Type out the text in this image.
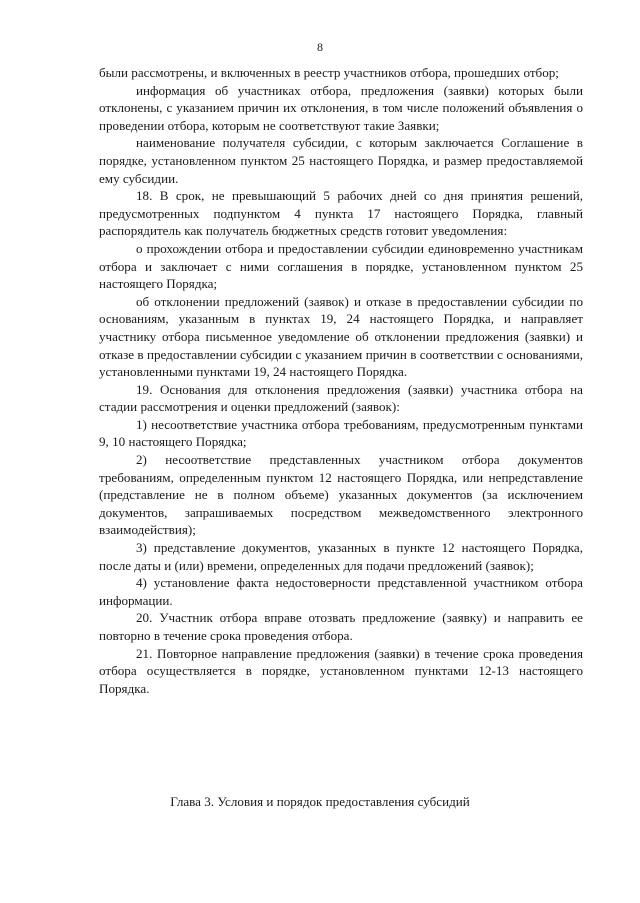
8

были рассмотрены, и включенных в реестр участников отбора, прошедших отбор;

информация об участниках отбора, предложения (заявки) которых были отклонены, с указанием причин их отклонения, в том числе положений объявления о проведении отбора, которым не соответствуют такие Заявки;

наименование получателя субсидии, с которым заключается Соглашение в порядке, установленном пунктом 25 настоящего Порядка, и размер предоставляемой ему субсидии.

18. В срок, не превышающий 5 рабочих дней со дня принятия решений, предусмотренных подпунктом 4 пункта 17 настоящего Порядка, главный распорядитель как получатель бюджетных средств готовит уведомления:

о прохождении отбора и предоставлении субсидии единовременно участникам отбора и заключает с ними соглашения в порядке, установленном пунктом 25 настоящего Порядка;

об отклонении предложений (заявок) и отказе в предоставлении субсидии по основаниям, указанным в пунктах 19, 24 настоящего Порядка, и направляет участнику отбора письменное уведомление об отклонении предложения (заявки) и отказе в предоставлении субсидии с указанием причин в соответствии с основаниями, установленными пунктами 19, 24 настоящего Порядка.

19. Основания для отклонения предложения (заявки) участника отбора на стадии рассмотрения и оценки предложений (заявок):

1) несоответствие участника отбора требованиям, предусмотренным пунктами 9, 10 настоящего Порядка;

2) несоответствие представленных участником отбора документов требованиям, определенным пунктом 12 настоящего Порядка, или непредставление (представление не в полном объеме) указанных документов (за исключением документов, запрашиваемых посредством межведомственного электронного взаимодействия);

3) представление документов, указанных в пункте 12 настоящего Порядка, после даты и (или) времени, определенных для подачи предложений (заявок);

4) установление факта недостоверности представленной участником отбора информации.

20. Участник отбора вправе отозвать предложение (заявку) и направить ее повторно в течение срока проведения отбора.

21. Повторное направление предложения (заявки) в течение срока проведения отбора осуществляется в порядке, установленном пунктами 12-13 настоящего Порядка.

Глава 3. Условия и порядок предоставления субсидий
